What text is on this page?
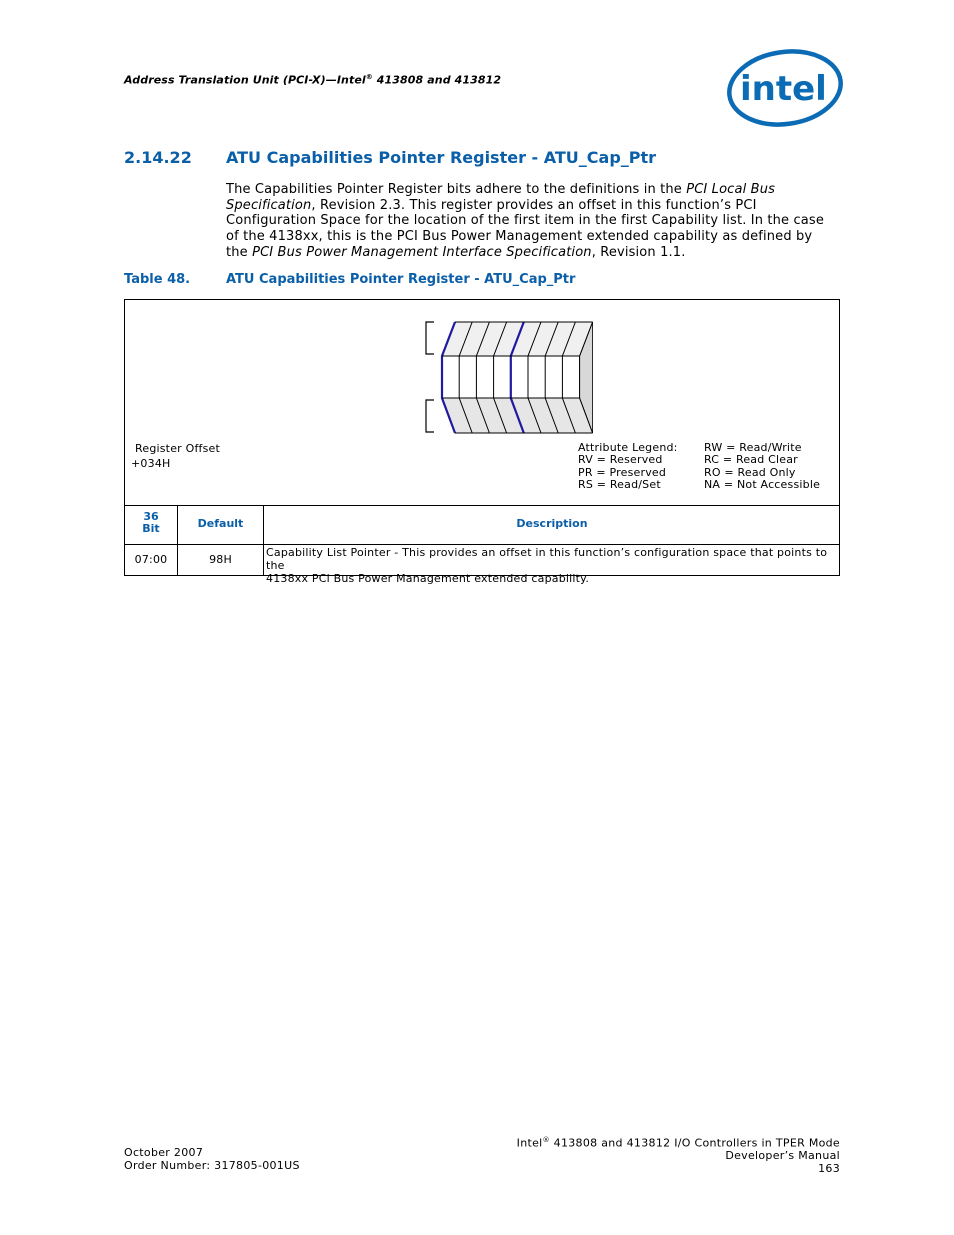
Address Translation Unit (PCI-X)—Intel® 413808 and 413812	intel
2.14.22 ATU Capabilities Pointer Register - ATU_Cap_Ptr
The Capabilities Pointer Register bits adhere to the definitions in the PCI Local Bus Specification, Revision 2.3. This register provides an offset in this function’s PCI Configuration Space for the location of the first item in the first Capability list. In the case of the 4138xx, this is the PCI Bus Power Management extended capability as defined by the PCI Bus Power Management Interface Specification, Revision 1.1.
Table 48.	ATU Capabilities Pointer Register - ATU_Cap_Ptr
Register Offset
+034H
Attribute Legend:
RV = Reserved
PR = Preserved
RS = Read/Set
RW = Read/Write
RC = Read Clear
RO = Read Only
NA = Not Accessible
36
Bit	Default	Description
07:00	98H
Capability List Pointer - This provides an offset in this function’s configuration space that points to the
4138xx PCl Bus Power Management extended capability.
October 2007
Order Number: 317805-001US
Intel® 413808 and 413812 I/O Controllers in TPER Mode
Developer’s Manual
163
